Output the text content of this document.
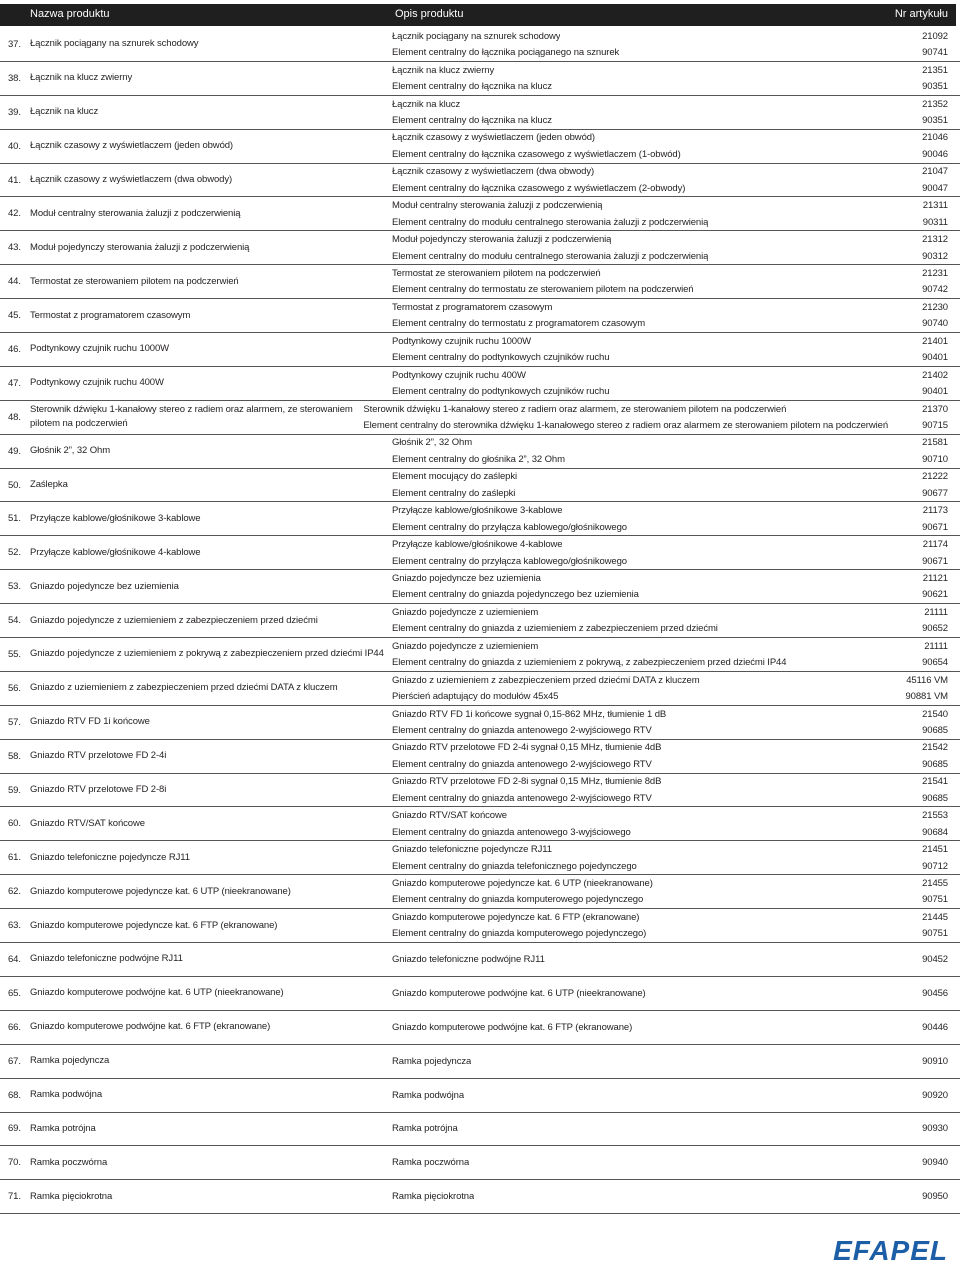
Nazwa produktu	Opis produktu	Nr artykułu
37. Łącznik pociągany na sznurek schodowy
Łącznik pociągany na sznurek schodowy	21092
Element centralny do łącznika pociąganego na sznurek	90741
38. Łącznik na klucz zwierny
Łącznik na klucz zwierny	21351
Element centralny do łącznika na klucz	90351
39. Łącznik na klucz
Łącznik na klucz	21352
Element centralny do łącznika na klucz	90351
40. Łącznik czasowy z wyświetlaczem (jeden obwód)
Łącznik czasowy z wyświetlaczem (jeden obwód)	21046
Element centralny do łącznika czasowego z wyświetlaczem (1-obwód)	90046
41. Łącznik czasowy z wyświetlaczem (dwa obwody)
Łącznik czasowy z wyświetlaczem (dwa obwody)	21047
Element centralny do łącznika czasowego z wyświetlaczem (2-obwody)	90047
42. Moduł centralny sterowania żaluzji z podczerwienią
Moduł centralny sterowania żaluzji z podczerwienią	21311
Element centralny do modułu centralnego sterowania żaluzji z podczerwienią	90311
43. Moduł pojedynczy sterowania żaluzji z podczerwienią
Moduł pojedynczy sterowania żaluzji z podczerwienią	21312
Element centralny do modułu centralnego sterowania żaluzji z podczerwienią	90312
44. Termostat ze sterowaniem pilotem na podczerwień
Termostat ze sterowaniem pilotem na podczerwień	21231
Element centralny do termostatu ze sterowaniem pilotem na podczerwień	90742
45. Termostat z programatorem czasowym
Termostat z programatorem czasowym	21230
Element centralny do termostatu z programatorem czasowym	90740
46. Podtynkowy czujnik ruchu 1000W
Podtynkowy czujnik ruchu 1000W	21401
Element centralny do podtynkowych czujników ruchu	90401
47. Podtynkowy czujnik ruchu 400W
Podtynkowy czujnik ruchu 400W	21402
Element centralny do podtynkowych czujników ruchu	90401
48.
Sterownik dźwięku 1-kanałowy stereo z radiem oraz alarmem, ze sterowaniem pilotem na podczerwień
Sterownik dźwięku 1-kanałowy stereo z radiem oraz alarmem, ze sterowaniem pilotem na podczerwień	21370
Element centralny do sterownika dźwięku 1-kanałowego stereo z radiem oraz alarmem ze sterowaniem pilotem na podczerwień	90715
49. Głośnik 2”, 32 Ohm
Głośnik 2”, 32 Ohm	21581
Element centralny do głośnika 2”, 32 Ohm	90710
50. Zaślepka
Element mocujący do zaślepki	21222
Element centralny do zaślepki	90677
51. Przyłącze kablowe/głośnikowe 3-kablowe
Przyłącze kablowe/głośnikowe 3-kablowe	21173
Element centralny do przyłącza kablowego/głośnikowego	90671
52. Przyłącze kablowe/głośnikowe 4-kablowe
Przyłącze kablowe/głośnikowe 4-kablowe	21174
Element centralny do przyłącza kablowego/głośnikowego	90671
53. Gniazdo pojedyncze bez uziemienia
Gniazdo pojedyncze bez uziemienia	21121
Element centralny do gniazda pojedynczego bez uziemienia	90621
54. Gniazdo pojedyncze z uziemieniem z zabezpieczeniem przed dziećmi
Gniazdo pojedyncze z uziemieniem	21111
Element centralny do gniazda z uziemieniem z zabezpieczeniem przed dziećmi	90652
55. Gniazdo pojedyncze z uziemieniem z pokrywą z zabezpieczeniem przed dziećmi IP44
Gniazdo pojedyncze z uziemieniem	21111
Element centralny do gniazda z uziemieniem z pokrywą, z zabezpieczeniem przed dziećmi IP44	90654
56. Gniazdo z uziemieniem z zabezpieczeniem przed dziećmi DATA z kluczem
Gniazdo z uziemieniem z zabezpieczeniem przed dziećmi DATA z kluczem	45116 VM
Pierścień adaptujący do modułów 45x45	90881 VM
57. Gniazdo RTV FD 1i końcowe
Gniazdo RTV FD 1i końcowe sygnał 0,15-862 MHz, tłumienie 1 dB	21540
Element centralny do gniazda antenowego 2-wyjściowego RTV	90685
58. Gniazdo RTV przelotowe FD 2-4i
Gniazdo RTV przelotowe FD 2-4i sygnał 0,15 MHz, tłumienie 4dB	21542
Element centralny do gniazda antenowego 2-wyjściowego RTV	90685
59. Gniazdo RTV przelotowe FD 2-8i
Gniazdo RTV przelotowe FD 2-8i sygnał 0,15 MHz, tłumienie 8dB	21541
Element centralny do gniazda antenowego 2-wyjściowego RTV	90685
60. Gniazdo RTV/SAT końcowe
Gniazdo RTV/SAT końcowe	21553
Element centralny do gniazda antenowego 3-wyjściowego	90684
61. Gniazdo telefoniczne pojedyncze RJ11
Gniazdo telefoniczne pojedyncze RJ11	21451
Element centralny do gniazda telefonicznego pojedynczego	90712
62. Gniazdo komputerowe pojedyncze kat. 6 UTP (nieekranowane)
Gniazdo komputerowe pojedyncze kat. 6 UTP (nieekranowane)	21455
Element centralny do gniazda komputerowego pojedynczego	90751
63. Gniazdo komputerowe pojedyncze kat. 6 FTP (ekranowane)
Gniazdo komputerowe pojedyncze kat. 6 FTP (ekranowane)	21445
Element centralny do gniazda komputerowego pojedynczego)	90751
64. Gniazdo telefoniczne podwójne RJ11	Gniazdo telefoniczne podwójne RJ11	90452
65. Gniazdo komputerowe podwójne kat. 6 UTP (nieekranowane)	Gniazdo komputerowe podwójne kat. 6 UTP (nieekranowane)	90456
66. Gniazdo komputerowe podwójne kat. 6 FTP (ekranowane)	Gniazdo komputerowe podwójne kat. 6 FTP (ekranowane)	90446
67. Ramka pojedyncza	Ramka pojedyncza	90910
68. Ramka podwójna	Ramka podwójna	90920
69. Ramka potrójna	Ramka potrójna	90930
70. Ramka poczwórna	Ramka poczwórna	90940
71. Ramka pięciokrotna	Ramka pięciokrotna	90950
EFAPEL
